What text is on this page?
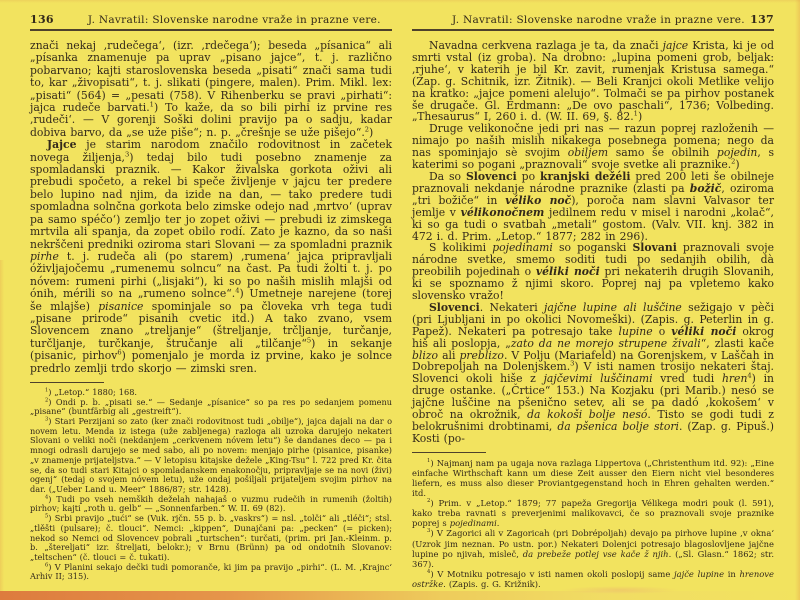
136	J. Navratil: Slovenske narodne vraže in prazne vere.

znači nekaj ,rudečega‘, (izr. ,rdečega‘); beseda „písanica“ ali „písanka znamenuje pa uprav „pisano jajce“, t. j. različno pobarvano; kajti staroslovenska beseda „pisati“ znači sama tudi to, kar „živopisati“, t. j. slikati (pingere, malen). Prim. Mikl. lex: „pisati“ (564) = „pesati (758). V Rihenberku se pravi „pirhati“: jajca rudeče barvati.$^1$) To kaže, da so bili pirhi iz prvine res ,rudeči‘. — V gorenji Soški dolini pravijo pa o sadju, kadar dobiva barvo, da „se uže piše“; n. p. „črešnje se uže pišejo“.$^2$)

Jajce je starim narodom značilo rodovitnost in začetek novega žiljenja,$^3$) tedaj bilo tudi posebno znamenje za spomladanski praznik. — Kakor živalska gorkota oživi ali prebudi spočeto, a rekel bi speče življenje v jajcu ter predere belo lupino nad njim, da izide na dan, — tako predere tudi spomladna solnčna gorkota belo zimske odejo nad ,mrtvo‘ (uprav pa samo spéčo‘) zemljo ter jo zopet oživi — prebudi iz zimskega mrtvila ali spanja, da zopet obilo rodí. Zato je kazno, da so naši nekrščeni predniki oziroma stari Slovani — za spomladni praznik pirhe t. j. rudeča ali (po starem) ,rumena‘ jajca pripravljali óživljajočemu „rumenemu solncu“ na čast. Pa tudi žolti t. j. po nóvem: rumeni pirhi („lisjaki“), ki so po naših mislih mlajši od ónih, mérili so na „rumeno solnce“.$^4$) Umetneje narejene (torej še mlajše) pisanice spominjale so pa človeka vrh tega tudi „pisane prirode“ pisanih cvetic itd.) A tako zvano, vsem Slovencem znano „treljanje“ (štreljanje, trčljanje, turčanje, turčljanje, turčkanje, štručanje ali „tilčanje“$^5$) in sekanje (pisanic, pirhov$^6$) pomenjalo je morda iz prvine, kako je solnce predrlo zemlji trdo skorjo — zimski sren.

$^1$) „Letop.“ 1880; 168.

$^2$) Ondi p. b. „pisati se.“ — Sedanje „písanice“ so pa res po sedanjem pomenu „pisane“ (buntfärbig ali „gestreift“).

$^3$) Stari Perzijani so zato (ker znači rodovitnost tudi „obilje“), jajca dajali na dar o novem letu. Menda iz istega (uže zabljenega) razloga ali uzroka darujejo nekateri Slovani o veliki noči (nekdanjem „cerkvenem nóvem letu“) še dandanes deco — pa i mnogi odrasli darujejo se med sabo, ali po novem: menjajo pirhe (pisanice, pisanke) „v znamenje prijateljstva.“ — V letopisu kitajske dežele „King-Tsu“ l. 722 pred Kr. čita se, da so tudi stari Kitajci o spomladanskem enakonočju, pripravljaje se na novi (živi) ogenj“ (tedaj o svojem nóvem letu), uže ondaj pošiljali prijateljem svojim pirhov na dar. („Ueber Land u. Meer“ 1886/87; str. 1428).

$^4$) Tudi po vseh nemških deželah nahajaš o vuzmu rudečih in rumenih (žoltih) pirhov; kajti „roth u. gelb“ — „Sonnenfarben.“ W. II. 69 (82).

$^5$) Srbi pravijo „tući“ se (Vuk. rjčn. 55 p. b. „vaskrs“) = nsl. „tolči“ ali „tléči“; stsl. „tlěšti (pulsare); č. tlouci“. Nemci: „kippen“, Dunajčani pa: „pecken“ (= picken); nekod so Nemci od Slovencev pobrali „turtschen“: turčati, (prim. pri Jan.-Kleinm. p. b. „štereljati“ izr. štreljati, belokr.); v Brnu (Brünn) pa od ondotnih Slovanov: „teltschen“ (č. tlouci = č. tukati).

$^6$) V Planini sekajo dečki tudi pomoranče, ki jim pa pravijo „pirhi“. (L. M. ,Krajnc‘ Arhiv II; 315).

J. Navratil: Slovenske narodne vraže in prazne vere. 137

Navadna cerkvena razlaga je ta, da znači jajce Krista, ki je od smrti vstal (iz groba). Na drobno: „lupina pomeni grob, beljak: ,rjuhe‘, v katerih je bil Kr. zavit, rumenjak Kristusa samega.“ (Zap. g. Schitnik, izr. Žitnik). — Beli Kranjci okoli Metlike velijo na kratko: „jajce pomeni alelujo“. Tolmači se pa pirhov postanek še drugače. Gl. Erdmann: „De ovo paschali“, 1736; Volbeding. „Thesaurus“ I, 260 i. d. (W. II. 69, §. 82.$^1$)

Druge velikonočne jedi pri nas — razun poprej razloženih — nimajo po naših mislih nikakega posebnega pomena; nego da nas spominjajo sè svojim obiljem samo še obilnih pojedin, s katerimi so pogani „praznovali“ svoje svetke ali praznike.$^2$)

Da so Slovenci po kranjski dežéli pred 200 leti še obilneje praznovali nekdanje národne praznike (zlasti pa božič, oziroma „tri božiče“ in véliko noč), poroča nam slavni Valvasor ter jemlje v vélikonočnem jedilnem redu v misel i narodni „kolač“, ki so ga tudi o svatbah „metali“ gostom. (Valv. VII. knj. 382 in 472 i. d. Prim. „Letop.“ 1877; 282 in 296).

S kolikimi pojedinami so poganski Slovani praznovali svoje národne svetke, smemo soditi tudi po sedanjih obilih, dà preobilih pojedinah o véliki noči pri nekaterih drugih Slovanih, ki se spoznamo ž njimi skoro. Poprej naj pa vpletemo kako slovensko vražo!

Slovenci. Nekateri jajčne lupine ali luščine sežigajo v pèči (pri Ljubljani in po okolici Novomeški). (Zapis. g. Peterlin in g. Papež). Nekateri pa potresajo take lupine o véliki noči okrog hiš ali poslopja, „zato da ne morejo strupene živali“, zlasti kače blizo ali preblizo. V Polju (Mariafeld) na Gorenjskem, v Laščah in Dobrepoljah na Dolenjskem.$^3$) V isti namen trosijo nekateri štaj. Slovenci okoli hiše z jajčevimi luščinami vred tudi hren$^4$) in druge ostanke. („Črtice“ 153.) Na Kozjaku (pri Marib.) nesó se jajčne luščine na pšenično setev, ali se pa dadó ,kokošem‘ v obroč na okrožnik, da kokoši bolje nesó. Tisto se godi tudi z belokrušnimi drobtinami, da pšenica bolje stori. (Zap. g. Pipuš.) Kosti (po-

$^1$) Najmanj nam pa ugaja nova razlaga Lippertova („Christenthum itd. 92): „Eine einfache Wirthschaft kann um diese Zeit ausser den Eiern nicht viel besonderes liefern, es muss also dieser Proviantgegenstand hoch in Ehren gehalten werden.“ itd.

$^2$) Prim. v „Letop.“ 1879; 77 papeža Gregorija Vélikega modri pouk (l. 591), kako treba ravnati s preverjenimi malikovavci, če so praznovali svoje praznike poprej s pojedinami.

$^3$) V Zagorici ali v Zagoricah (pri Dobrépoljah) devajo pa pirhove lupine ,v okna‘ (Uzrok jim neznan. Po ustn. por.) Nekateri Dolenjci potresajo blagoslovljene jajčne lupine po njivah, misleč, da prebeže potlej vse kače ž njih. („Sl. Glasn.“ 1862; str. 367).

$^4$) V Motniku potresajo v isti namen okoli poslopij same jajče lupine in hrenove ostržke. (Zapis. g. G. Križnik).
